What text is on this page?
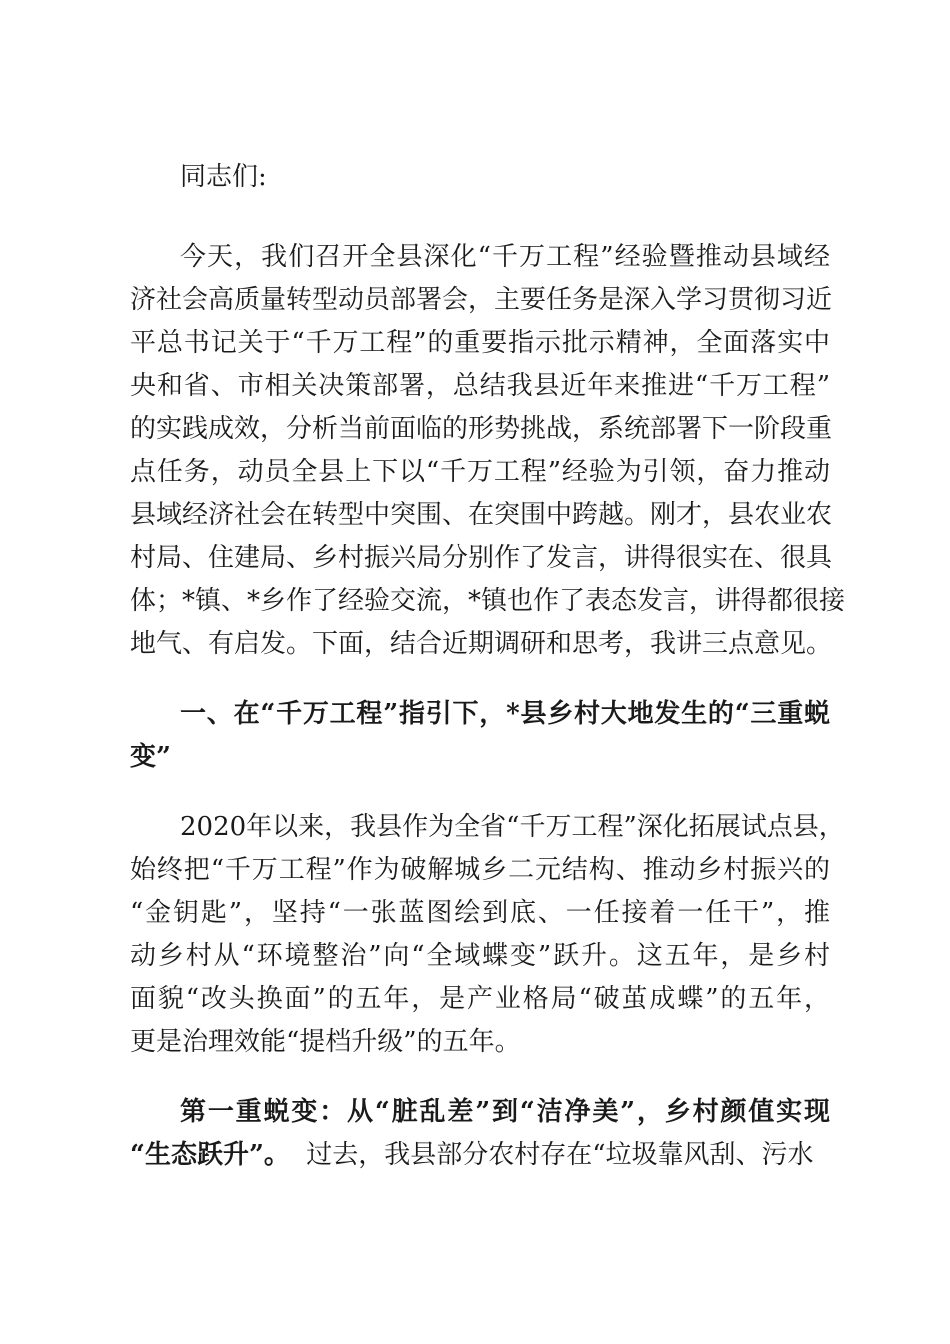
同志们:
今天，我们召开全县深化“千万工程”经验暨推动县域经
济社会高质量转型动员部署会，主要任务是深入学习贯彻习近
平总书记关于“千万工程”的重要指示批示精神，全面落实中
央和省、市相关决策部署，总结我县近年来推进“千万工程”
的实践成效，分析当前面临的形势挑战，系统部署下一阶段重
点任务，动员全县上下以“千万工程”经验为引领，奋力推动
县域经济社会在转型中突围、在突围中跨越。刚才，县农业农
村局、住建局、乡村振兴局分别作了发言，讲得很实在、很具
体；*镇、*乡作了经验交流，*镇也作了表态发言，讲得都很接
地气、有启发。下面，结合近期调研和思考，我讲三点意见。
一、在“千万工程”指引下，*县乡村大地发生的“三重蜕
变”
2020年以来，我县作为全省“千万工程”深化拓展试点县，
始终把“千万工程”作为破解城乡二元结构、推动乡村振兴的
“金钥匙”，坚持“一张蓝图绘到底、一任接着一任干”，推
动乡村从“环境整治”向“全域蝶变”跃升。这五年，是乡村
面貌“改头换面”的五年，是产业格局“破茧成蝶”的五年，
更是治理效能“提档升级”的五年。
第一重蜕变：从“脏乱差”到“洁净美”，乡村颜值实现
“生态跃升”。 过去，我县部分农村存在“垃圾靠风刮、污水
